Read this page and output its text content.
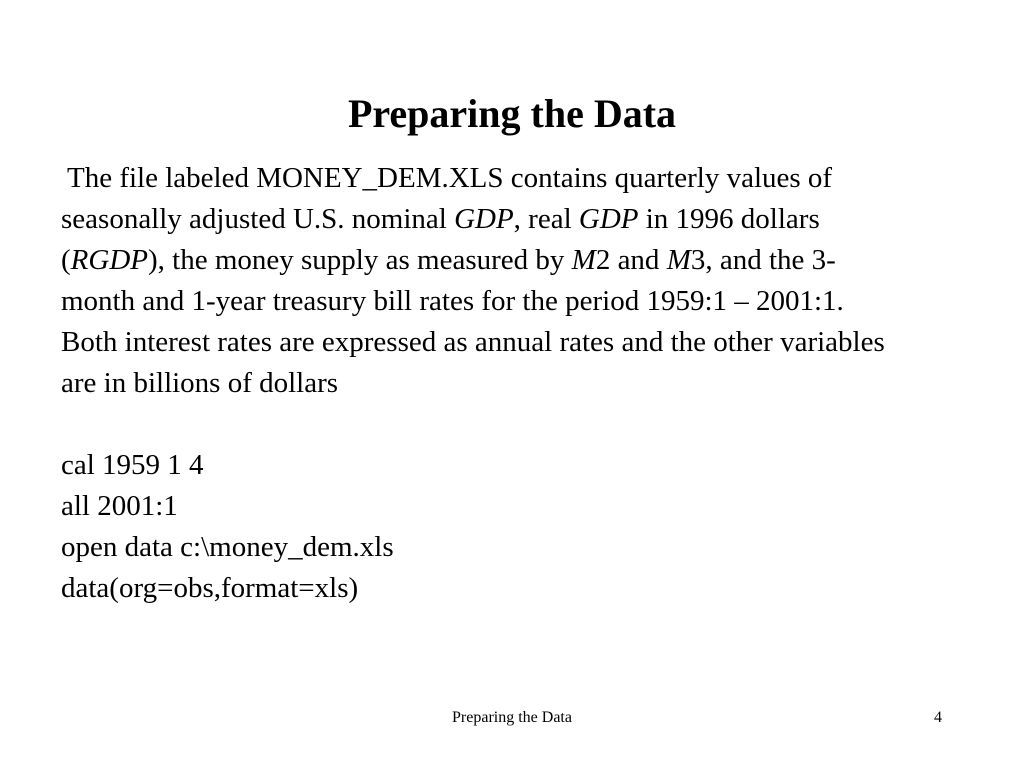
Preparing the Data

The file labeled MONEY_DEM.XLS contains quarterly values of seasonally adjusted U.S. nominal GDP, real GDP in 1996 dollars (RGDP), the money supply as measured by M2 and M3, and the 3-month and 1-year treasury bill rates for the period 1959:1 – 2001:1. Both interest rates are expressed as annual rates and the other variables are in billions of dollars

cal 1959 1 4
all 2001:1
open data c:\money_dem.xls
data(org=obs,format=xls)
Preparing the Data	4
